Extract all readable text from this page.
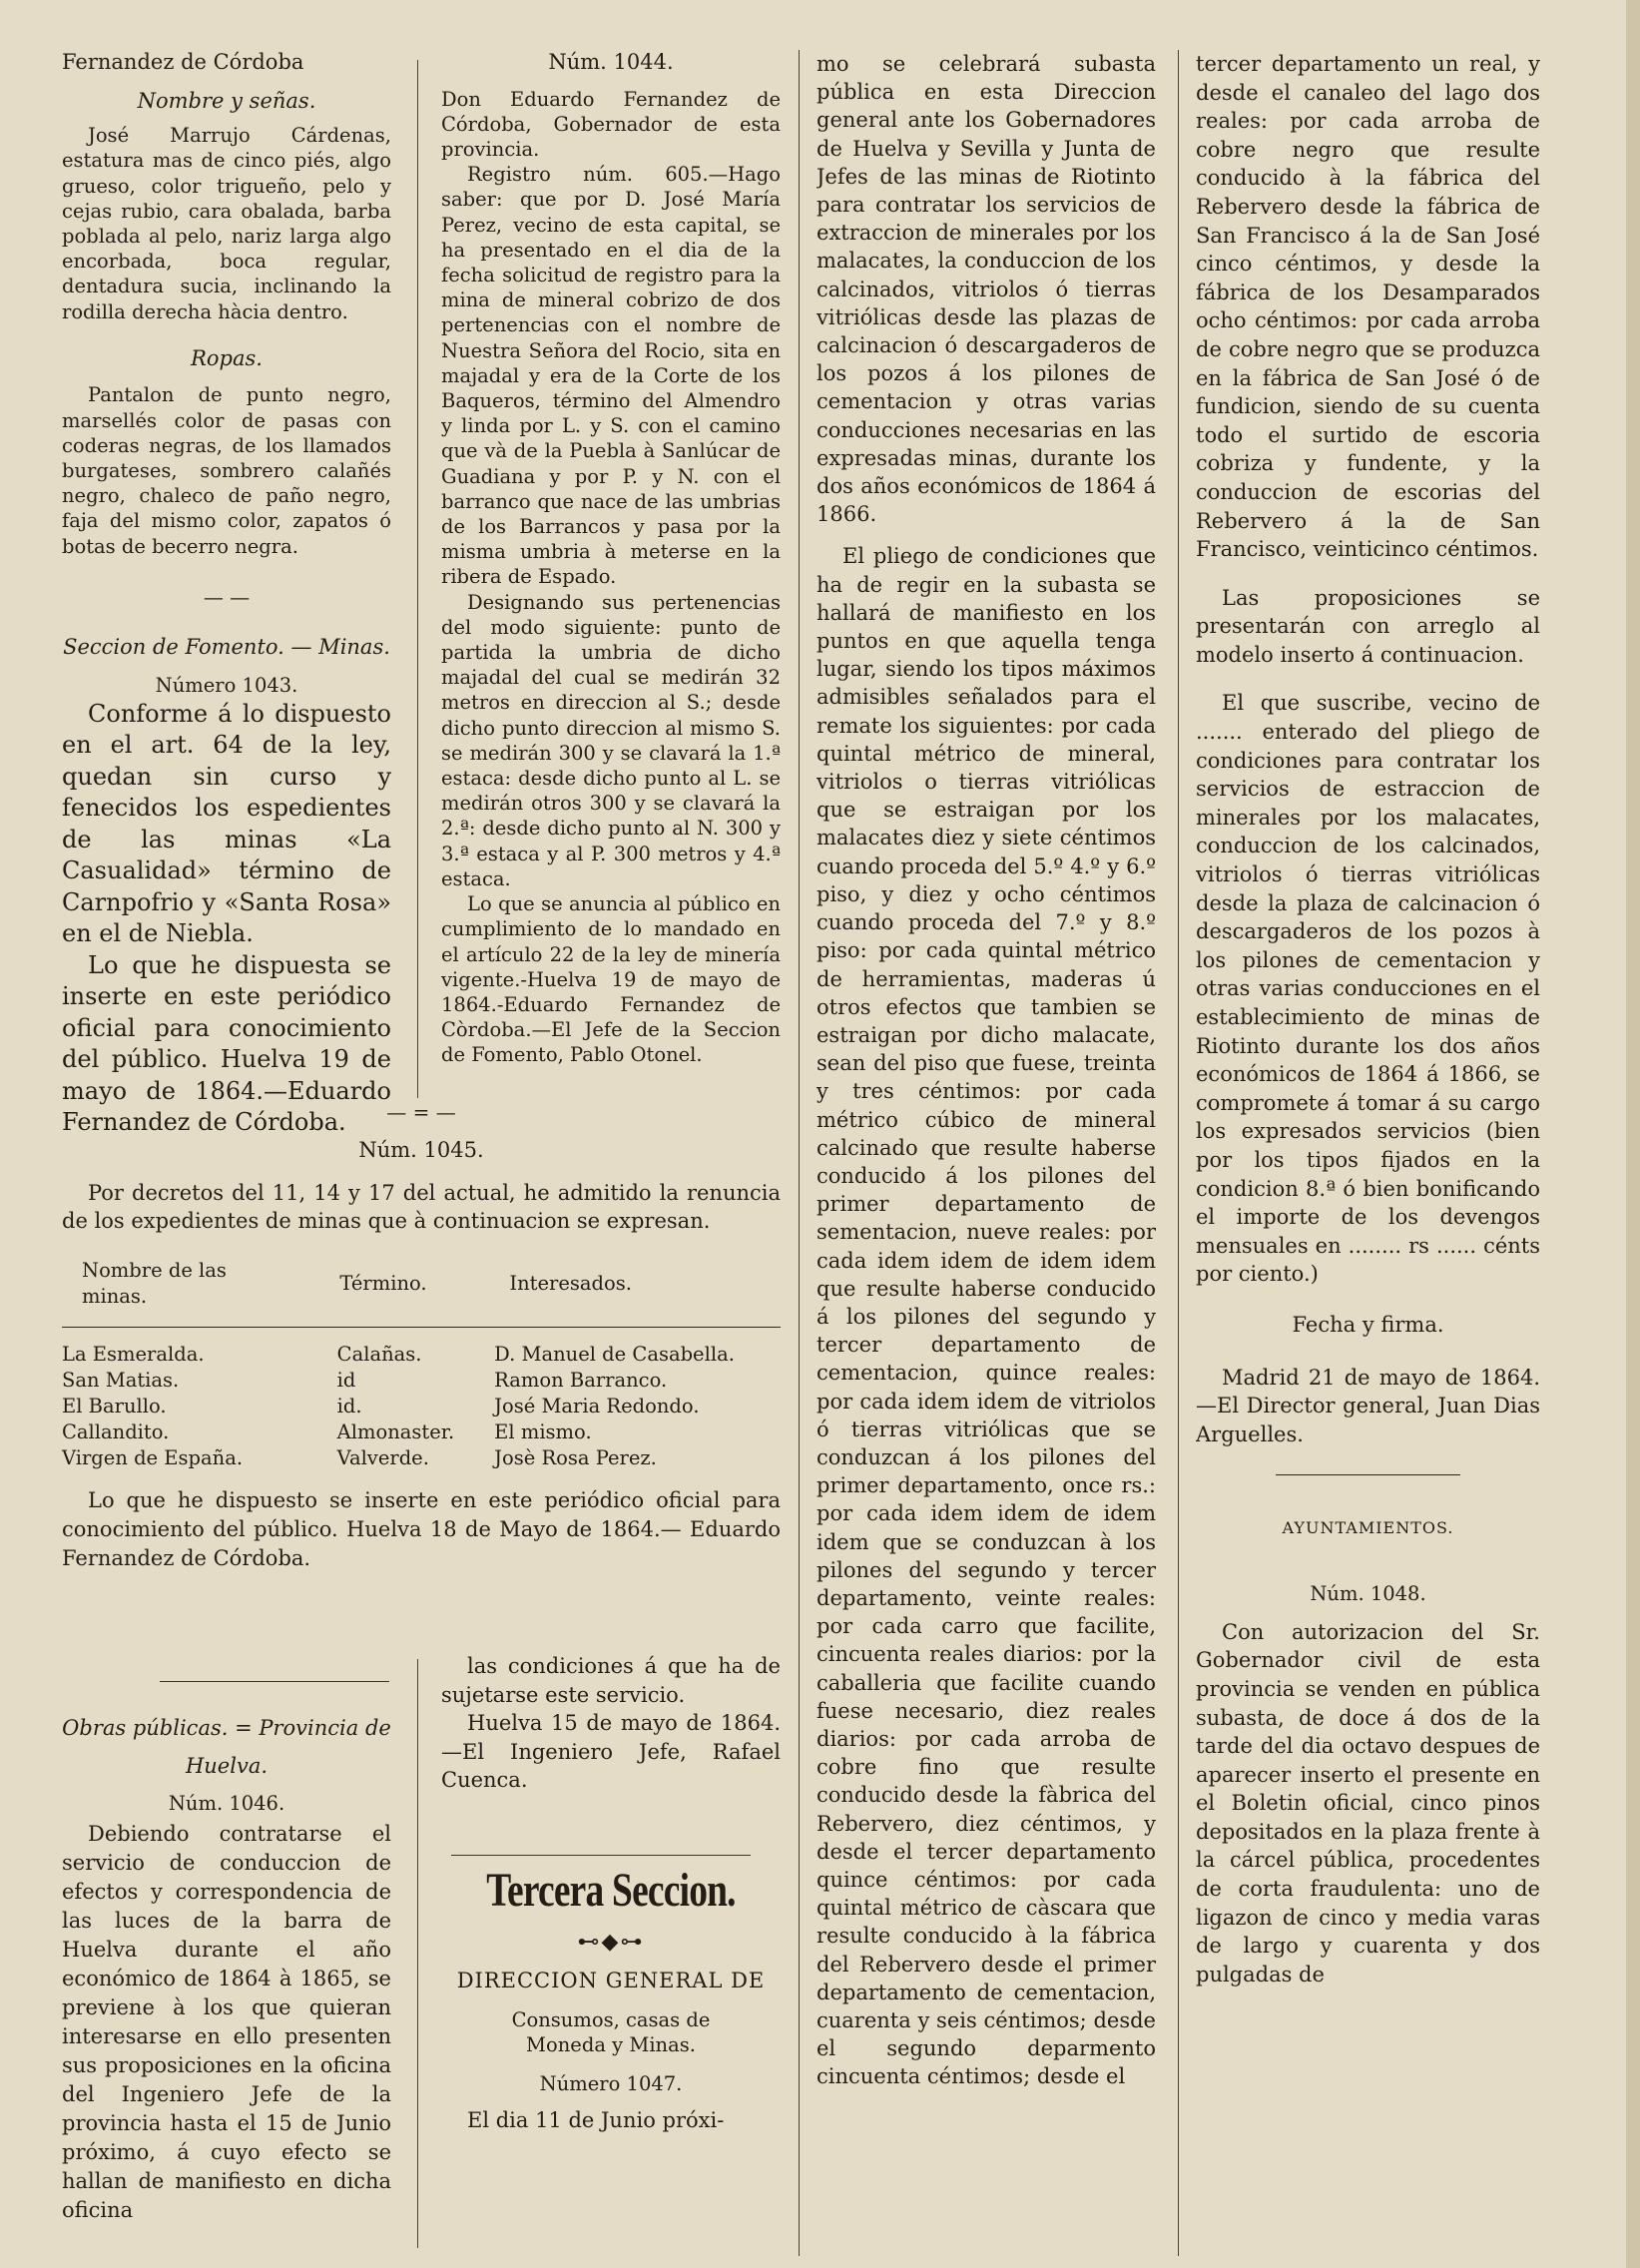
Fernandez de Córdoba

Nombre y señas.

José Marrujo Cárdenas, estatura mas de cinco piés, algo grueso, color trigueño, pelo y cejas rubio, cara obalada, barba poblada al pelo, nariz larga algo encorbada, boca regular, dentadura sucia, inclinando la rodilla derecha hàcia dentro.

Ropas.

Pantalon de punto negro, marsellés color de pasas con coderas negras, de los llamados burgateses, sombrero calañés negro, chaleco de paño negro, faja del mismo color, zapatos ó botas de becerro negra.

— —

Seccion de Fomento. — Minas.

Número 1043.

Conforme á lo dispuesto en el art. 64 de la ley, quedan sin curso y fenecidos los espedientes de las minas «La Casualidad» término de Carnpofrio y «Santa Rosa» en el de Niebla.

Lo que he dispuesta se inserte en este periódico oficial para conocimiento del público. Huelva 19 de mayo de 1864.—Eduardo Fernandez de Córdoba.

Núm. 1044.

Don Eduardo Fernandez de Córdoba, Gobernador de esta provincia.

Registro núm. 605.—Hago saber: que por D. José María Perez, vecino de esta capital, se ha presentado en el dia de la fecha solicitud de registro para la mina de mineral cobrizo de dos pertenencias con el nombre de Nuestra Señora del Rocio, sita en majadal y era de la Corte de los Baqueros, término del Almendro y linda por L. y S. con el camino que và de la Puebla à Sanlúcar de Guadiana y por P. y N. con el barranco que nace de las umbrias de los Barrancos y pasa por la misma umbria à meterse en la ribera de Espado.

Designando sus pertenencias del modo siguiente: punto de partida la umbria de dicho majadal del cual se medirán 32 metros en direccion al S.; desde dicho punto direccion al mismo S. se medirán 300 y se clavará la 1.ª estaca: desde dicho punto al L. se medirán otros 300 y se clavará la 2.ª: desde dicho punto al N. 300 y 3.ª estaca y al P. 300 metros y 4.ª estaca.

Lo que se anuncia al público en cumplimiento de lo mandado en el artículo 22 de la ley de minería vigente.-Huelva 19 de mayo de 1864.-Eduardo Fernandez de Còrdoba.—El Jefe de la Seccion de Fomento, Pablo Otonel.

— = —

Núm. 1045.

Por decretos del 11, 14 y 17 del actual, he admitido la renuncia de los expedientes de minas que à continuacion se expresan.

Nombre de las minas.	Término.	Interesados.
La Esmeralda.	Calañas.	D. Manuel de Casabella.
San Matias.	id	Ramon Barranco.
El Barullo.	id.	José Maria Redondo.
Callandito.	Almonaster.	El mismo.
Virgen de España.	Valverde.	Josè Rosa Perez.

Lo que he dispuesto se inserte en este periódico oficial para conocimiento del público. Huelva 18 de Mayo de 1864.— Eduardo Fernandez de Córdoba.

Obras públicas. = Provincia de Huelva.

Núm. 1046.

Debiendo contratarse el servicio de conduccion de efectos y correspondencia de las luces de la barra de Huelva durante el año económico de 1864 à 1865, se previene à los que quieran interesarse en ello presenten sus proposiciones en la oficina del Ingeniero Jefe de la provincia hasta el 15 de Junio próximo, á cuyo efecto se hallan de manifiesto en dicha oficina

las condiciones á que ha de sujetarse este servicio.

Huelva 15 de mayo de 1864.—El Ingeniero Jefe, Rafael Cuenca.

Tercera Seccion.

⊷◆⊶

DIRECCION GENERAL DE

Consumos, casas de Moneda y Minas.

Número 1047.

El dia 11 de Junio próxi-

mo se celebrará subasta pública en esta Direccion general ante los Gobernadores de Huelva y Sevilla y Junta de Jefes de las minas de Riotinto para contratar los servicios de extraccion de minerales por los malacates, la conduccion de los calcinados, vitriolos ó tierras vitriólicas desde las plazas de calcinacion ó descargaderos de los pozos á los pilones de cementacion y otras varias conducciones necesarias en las expresadas minas, durante los dos años económicos de 1864 á 1866.

El pliego de condiciones que ha de regir en la subasta se hallará de manifiesto en los puntos en que aquella tenga lugar, siendo los tipos máximos admisibles señalados para el remate los siguientes: por cada quintal métrico de mineral, vitriolos o tierras vitriólicas que se estraigan por los malacates diez y siete céntimos cuando proceda del 5.º 4.º y 6.º piso, y diez y ocho céntimos cuando proceda del 7.º y 8.º piso: por cada quintal métrico de herramientas, maderas ú otros efectos que tambien se estraigan por dicho malacate, sean del piso que fuese, treinta y tres céntimos: por cada métrico cúbico de mineral calcinado que resulte haberse conducido á los pilones del primer departamento de sementacion, nueve reales: por cada idem idem de idem idem que resulte haberse conducido á los pilones del segundo y tercer departamento de cementacion, quince reales: por cada idem idem de vitriolos ó tierras vitriólicas que se conduzcan á los pilones del primer departamento, once rs.: por cada idem idem de idem idem que se conduzcan à los pilones del segundo y tercer departamento, veinte reales: por cada carro que facilite, cincuenta reales diarios: por la caballeria que facilite cuando fuese necesario, diez reales diarios: por cada arroba de cobre fino que resulte conducido desde la fàbrica del Rebervero, diez céntimos, y desde el tercer departamento quince céntimos: por cada quintal métrico de càscara que resulte conducido à la fábrica del Rebervero desde el primer departamento de cementacion, cuarenta y seis céntimos; desde el segundo deparmento cincuenta céntimos; desde el

tercer departamento un real, y desde el canaleo del lago dos reales: por cada arroba de cobre negro que resulte conducido à la fábrica del Rebervero desde la fábrica de San Francisco á la de San José cinco céntimos, y desde la fábrica de los Desamparados ocho céntimos: por cada arroba de cobre negro que se produzca en la fábrica de San José ó de fundicion, siendo de su cuenta todo el surtido de escoria cobriza y fundente, y la conduccion de escorias del Rebervero á la de San Francisco, veinticinco céntimos.

Las proposiciones se presentarán con arreglo al modelo inserto á continuacion.

El que suscribe, vecino de ....... enterado del pliego de condiciones para contratar los servicios de estraccion de minerales por los malacates, conduccion de los calcinados, vitriolos ó tierras vitriólicas desde la plaza de calcinacion ó descargaderos de los pozos à los pilones de cementacion y otras varias conducciones en el establecimiento de minas de Riotinto durante los dos años económicos de 1864 á 1866, se compromete á tomar á su cargo los expresados servicios (bien por los tipos fijados en la condicion 8.ª ó bien bonificando el importe de los devengos mensuales en ........ rs ...... cénts por ciento.)

Fecha y firma.

Madrid 21 de mayo de 1864.—El Director general, Juan Dias Arguelles.

AYUNTAMIENTOS.

Núm. 1048.

Con autorizacion del Sr. Gobernador civil de esta provincia se venden en pública subasta, de doce á dos de la tarde del dia octavo despues de aparecer inserto el presente en el Boletin oficial, cinco pinos depositados en la plaza frente à la cárcel pública, procedentes de corta fraudulenta: uno de ligazon de cinco y media varas de largo y cuarenta y dos pulgadas de
